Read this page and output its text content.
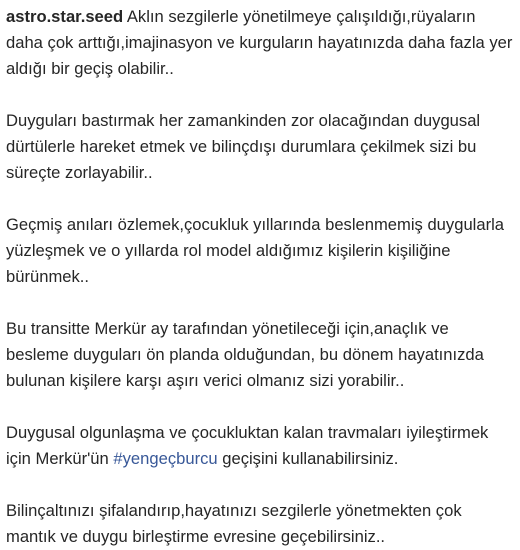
astro.star.seed Aklın sezgilerle yönetilmeye çalışıldığı,rüyaların daha çok arttığı,imajinasyon ve kurguların hayatınızda daha fazla yer aldığı bir geçiş olabilir..

Duyguları bastırmak her zamankinden zor olacağından duygusal dürtülerle hareket etmek ve bilinçdışı durumlara çekilmek sizi bu süreçte zorlayabilir..

Geçmiş anıları özlemek,çocukluk yıllarında beslenmemiş duygularla yüzleşmek ve o yıllarda rol model aldığımız kişilerin kişiliğine bürünmek..

Bu transitte Merkür ay tarafından yönetileceği için,anaçlık ve besleme duyguları ön planda olduğundan, bu dönem hayatınızda bulunan kişilere karşı aşırı verici olmanız sizi yorabilir..

Duygusal olgunlaşma ve çocukluktan kalan travmaları iyileştirmek için Merkür'ün #yengeçburcu geçişini kullanabilirsiniz.

Bilinçaltınızı şifalandırıp,hayatınızı sezgilerle yönetmekten çok mantık ve duygu birleştirme evresine geçebilirsiniz..
